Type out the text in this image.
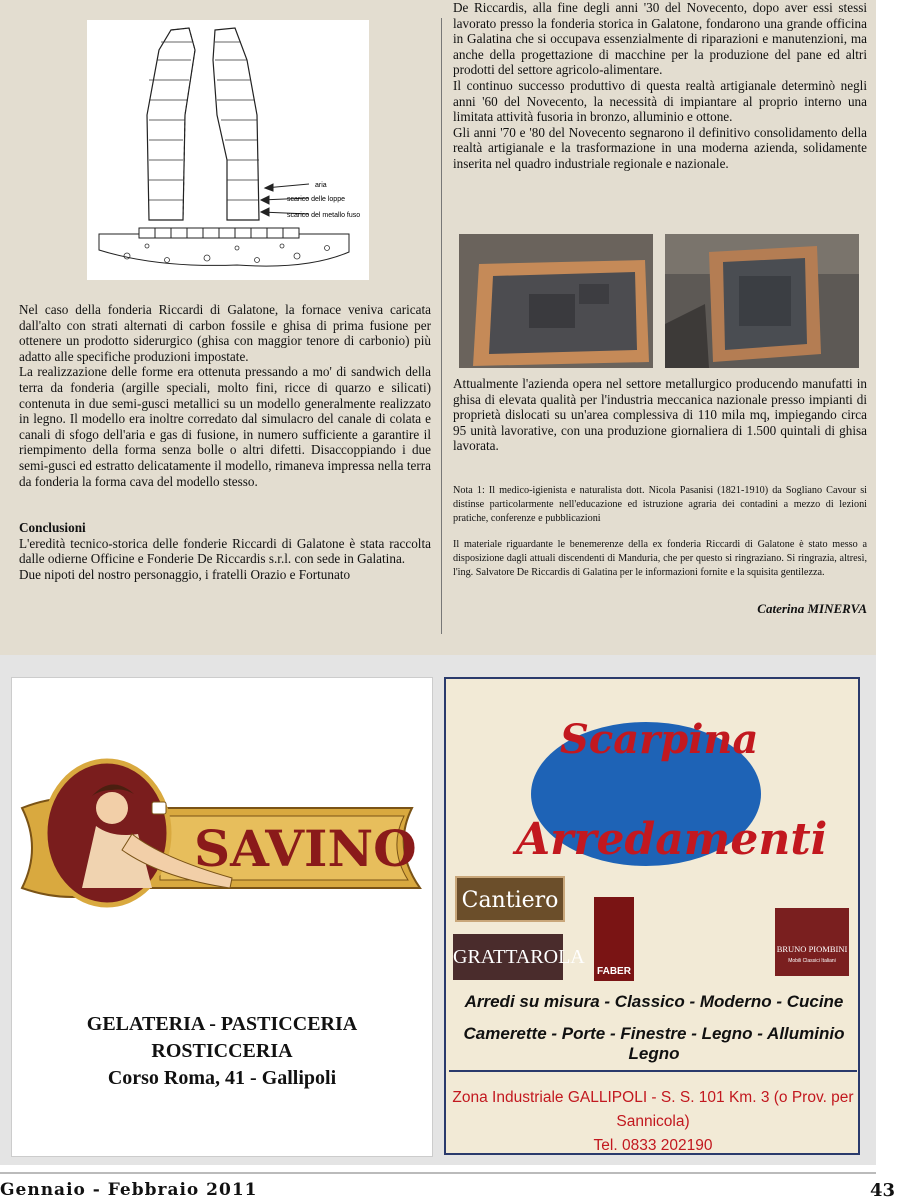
aria
scarico delle loppe
scarico del metallo fuso

Nel caso della fonderia Riccardi di Galatone, la fornace veniva caricata dall'alto con strati alternati di carbon fossile e ghisa di prima fusione per ottenere un prodotto siderurgico (ghisa con maggior tenore di carbonio) più adatto alle specifiche produzioni impostate.

La realizzazione delle forme era ottenuta pressando a mo' di sandwich della terra da fonderia (argille speciali, molto fini, ricce di quarzo e silicati) contenuta in due semi-gusci metallici su un modello generalmente realizzato in legno. Il modello era inoltre corredato dal simulacro del canale di colata e canali di sfogo dell'aria e gas di fusione, in numero sufficiente a garantire il riempimento della forma senza bolle o altri difetti. Disaccoppiando i due semi-gusci ed estratto delicatamente il modello, rimaneva impressa nella terra da fonderia la forma cava del modello stesso.

Conclusioni

L'eredità tecnico-storica delle fonderie Riccardi di Galatone è stata raccolta dalle odierne Officine e Fonderie De Riccardis s.r.l. con sede in Galatina.

Due nipoti del nostro personaggio, i fratelli Orazio e Fortunato

De Riccardis, alla fine degli anni '30 del Novecento, dopo aver essi stessi lavorato presso la fonderia storica in Galatone, fondarono una grande officina in Galatina che si occupava essenzialmente di riparazioni e manutenzioni, ma anche della progettazione di macchine per la produzione del pane ed altri prodotti del settore agricolo-alimentare.

Il continuo successo produttivo di questa realtà artigianale determinò negli anni '60 del Novecento, la necessità di impiantare al proprio interno una limitata attività fusoria in bronzo, alluminio e ottone.

Gli anni '70 e '80 del Novecento segnarono il definitivo consolidamento della realtà artigianale e la trasformazione in una moderna azienda, solidamente inserita nel quadro industriale regionale e nazionale.

Attualmente l'azienda opera nel settore metallurgico producendo manufatti in ghisa di elevata qualità per l'industria meccanica nazionale presso impianti di proprietà dislocati su un'area complessiva di 110 mila mq, impiegando circa 95 unità lavorative, con una produzione giornaliera di 1.500 quintali di ghisa lavorata.

Nota 1: Il medico-igienista e naturalista dott. Nicola Pasanisi (1821-1910) da Sogliano Cavour si distinse particolarmente nell'educazione ed istruzione agraria dei contadini a mezzo di lezioni pratiche, conferenze e pubblicazioni

Il materiale riguardante le benemerenze della ex fonderia Riccardi di Galatone è stato messo a disposizione dagli attuali discendenti di Manduria, che per questo si ringraziano. Si ringrazia, altresì, l'ing. Salvatore De Riccardis di Galatina per le informazioni fornite e la squisita gentilezza.

Caterina MINERVA
SAVINO
GELATERIA - PASTICCERIA
ROSTICCERIA
Corso Roma, 41 - Gallipoli
Scarpina
Arredamenti
Cantiero
GRATTAROLA
FABER
BRUNO PIOMBINI
Mobili Classici Italiani
Arredi su misura - Classico - Moderno - Cucine
Camerette - Porte - Finestre - Legno - Alluminio Legno
Zona Industriale GALLIPOLI - S. S. 101 Km. 3 (o Prov. per Sannicola)
Tel. 0833 202190
Gennaio - Febbraio 2011	43
